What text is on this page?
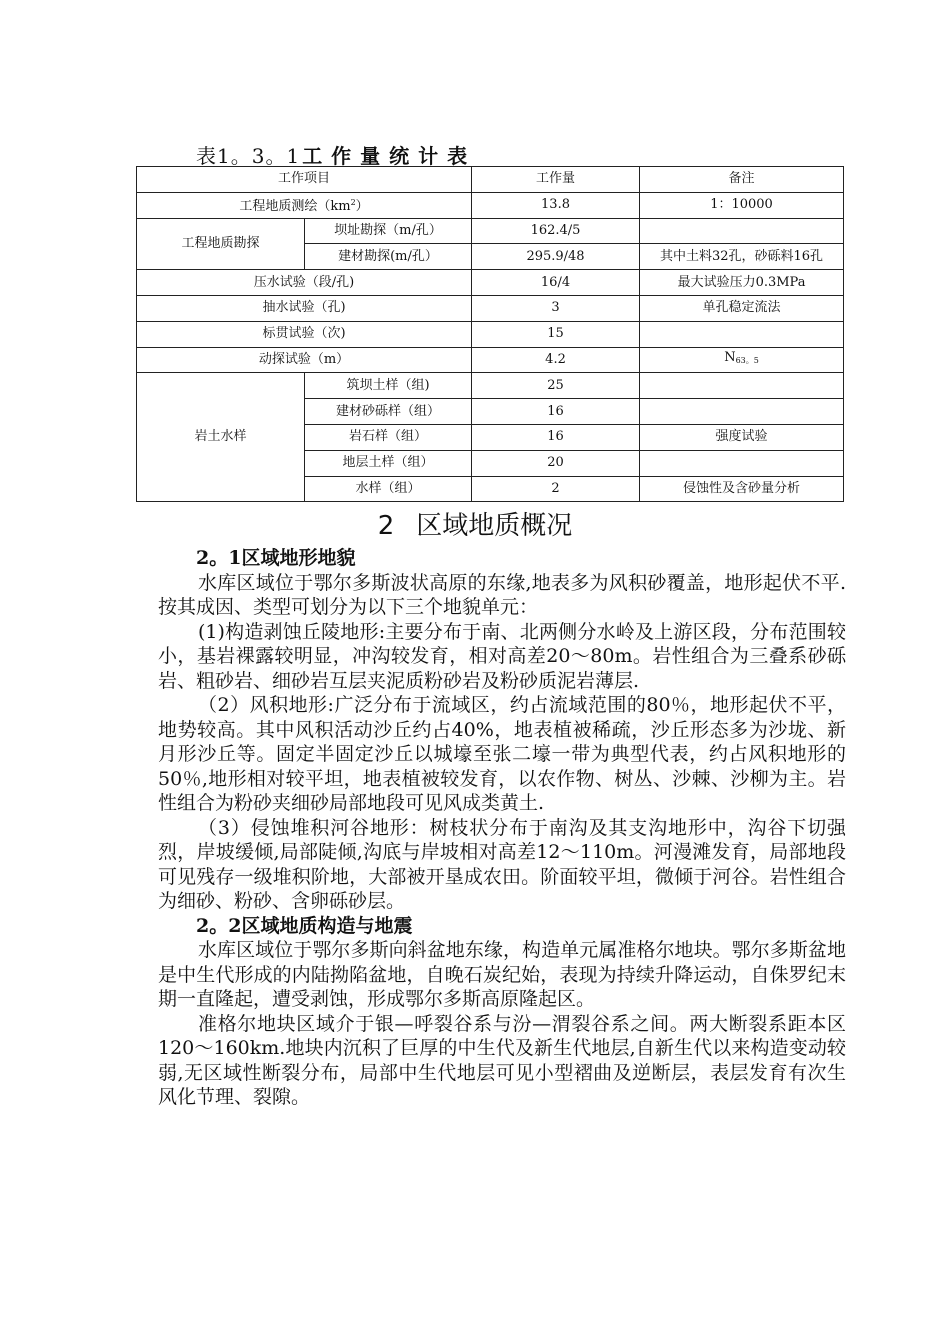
表1。3。1 工作量统计表
工作项目		工作量	备注
工程地质测绘$(km^2)$		13.8	1：10000
工程地质勘探	坝址勘探（m/孔）	162.4/5	
	建材勘探(m/孔）	295.9/48	其中土料32孔，砂砾料16孔
压水试验（段/孔)		16/4	最大试验压力0.3MPa
抽水试验（孔)		3	单孔稳定流法
标贯试验（次)		15	
动探试验（m）		4.2	$N_{63。5}$
岩土水样	筑坝土样（组)	25	
	建材砂砾样（组）	16	
	岩石样（组）	16	强度试验
	地层土样（组）	20	
	水样（组）	2	侵蚀性及含砂量分析
2 区域地质概况
2。1区域地形地貌

水库区域位于鄂尔多斯波状高原的东缘,地表多为风积砂覆盖，地形起伏不平.按其成因、类型可划分为以下三个地貌单元：

(1)构造剥蚀丘陵地形:主要分布于南、北两侧分水岭及上游区段，分布范围较小，基岩裸露较明显，冲沟较发育，相对高差20～80m。岩性组合为三叠系砂砾岩、粗砂岩、细砂岩互层夹泥质粉砂岩及粉砂质泥岩薄层.

（2）风积地形:广泛分布于流域区，约占流域范围的80％，地形起伏不平，地势较高。其中风积活动沙丘约占40%，地表植被稀疏，沙丘形态多为沙垅、新月形沙丘等。固定半固定沙丘以城壕至张二壕一带为典型代表，约占风积地形的50％,地形相对较平坦，地表植被较发育，以农作物、树丛、沙棘、沙柳为主。岩性组合为粉砂夹细砂局部地段可见风成类黄土.

（3）侵蚀堆积河谷地形：树枝状分布于南沟及其支沟地形中，沟谷下切强烈，岸坡缓倾,局部陡倾,沟底与岸坡相对高差12～110m。河漫滩发育，局部地段可见残存一级堆积阶地，大部被开垦成农田。阶面较平坦，微倾于河谷。岩性组合为细砂、粉砂、含卵砾砂层。

2。2区域地质构造与地震

水库区域位于鄂尔多斯向斜盆地东缘，构造单元属准格尔地块。鄂尔多斯盆地是中生代形成的内陆拗陷盆地，自晚石炭纪始，表现为持续升降运动，自侏罗纪末期一直隆起，遭受剥蚀，形成鄂尔多斯高原隆起区。

准格尔地块区域介于银—呼裂谷系与汾—渭裂谷系之间。两大断裂系距本区120～160km.地块内沉积了巨厚的中生代及新生代地层,自新生代以来构造变动较弱,无区域性断裂分布，局部中生代地层可见小型褶曲及逆断层，表层发育有次生风化节理、裂隙。
